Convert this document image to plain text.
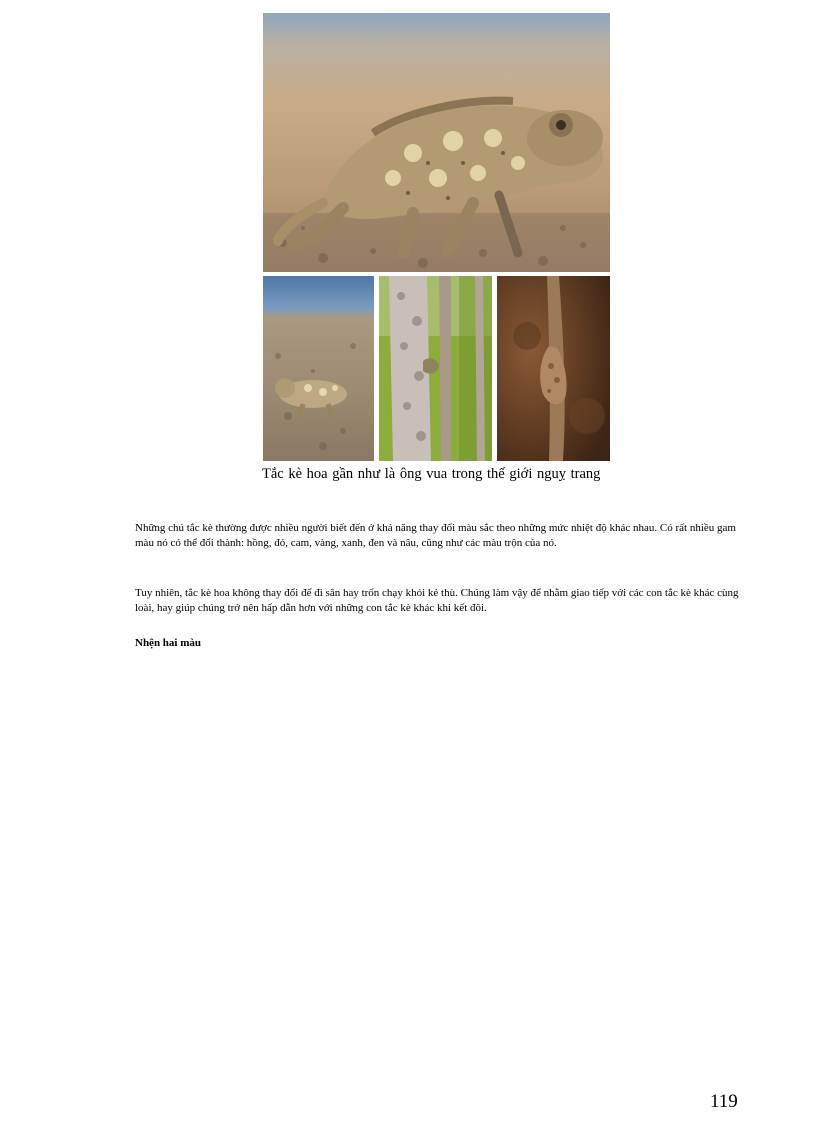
Tắc kè hoa gần như là ông vua trong thế giới nguỵ trang

Những chú tắc kè thường được nhiều người biết đến ở khả năng thay đổi màu sắc theo những mức nhiệt độ khác nhau. Có rất nhiều gam màu nó có thể đổi thành: hồng, đỏ, cam, vàng, xanh, đen và nâu, cũng như các màu trộn của nó.

Tuy nhiên, tắc kè hoa không thay đổi để đi săn hay trốn chạy khỏi kẻ thù. Chúng làm vậy để nhằm giao tiếp với các con tắc kè khác cùng loài, hay giúp chúng trở nên hấp dẫn hơn với những con tắc kè khác khi kết đôi.

Nhện hai màu
119
